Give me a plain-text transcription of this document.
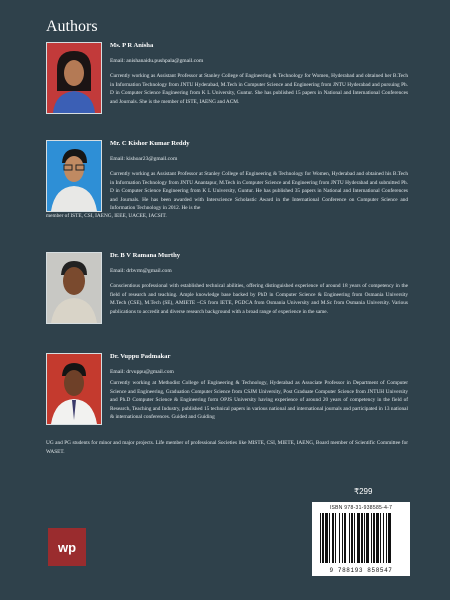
Authors
Ms. P R Anisha
Email: anishanaidu.pushpala@gmail.com
Currently working as Assistant Professor at Stanley College of Engineering & Technology for Women, Hyderabad and obtained her B.Tech in Information Technology from JNTU Hyderabad, M.Tech in Computer Science and Engineering from JNTU Hyderabad and pursuing Ph. D in Computer Science Engineering from K L University, Guntur. She has published 15 papers in National and International Conferences and Journals. She is the member of ISTE, IAENG and ACM.
Mr. C Kishor Kumar Reddy
Email: kishoar23@gmail.com
Currently working as Assistant Professor at Stanley College of Engineering & Technology for Women, Hyderabad and obtained his B.Tech in Information Technology from JNTU Anantapur, M.Tech in Computer Science and Engineering from JNTU Hyderabad and submitted Ph. D in Computer Science Engineering from K L University, Guntur. He has published 35 papers in National and International Conferences and Journals. He has been awarded with Interscience Scholastic Award in the International Conference on Computer Science and Information Technology in 2012. He is the
member of ISTE, CSI, IAENG, IEEE, UACEE, IACSIT.
Dr. B V Ramana Murthy
Email: drbvrm@gmail.com
Conscientious professional with established technical abilities, offering distinguished experience of around 18 years of competency in the field of research and teaching. Ample knowledge base backed by PhD in Computer Science & Engineering from Osmania University M.Tech (CSE), M.Tech (SE), AMIETE –CS from IETE, PGDCA from Osmania University and M.Sc from Osmania University. Various publications to accredit and diverse research background with a broad range of experience in the same.
Dr. Vuppu Padmakar
Email: drvuppu@gmail.com
Currently working at Methodist College of Engineering & Technology, Hyderabad as Associate Professor in Department of Computer Science and Engineering, Graduation Computer Science from CSJM University, Post Graduate Computer Science from JNTUH University and Ph.D Computer Science & Engineering form OPJS University having experience of around 20 years of competency in the field of Research, Teaching and Industry, published 15 technical papers in various national and international journals and participated in 13 national & international conferences. Guided and Guiding
UG and PG students for minor and major projects. Life member of professional Societies like MISTE, CSI, MIETE, IAENG, Board member of Scientific Committee for WASET.
₹299
ISBN 978-31-938585-4-7
9 788193 858547
wp
